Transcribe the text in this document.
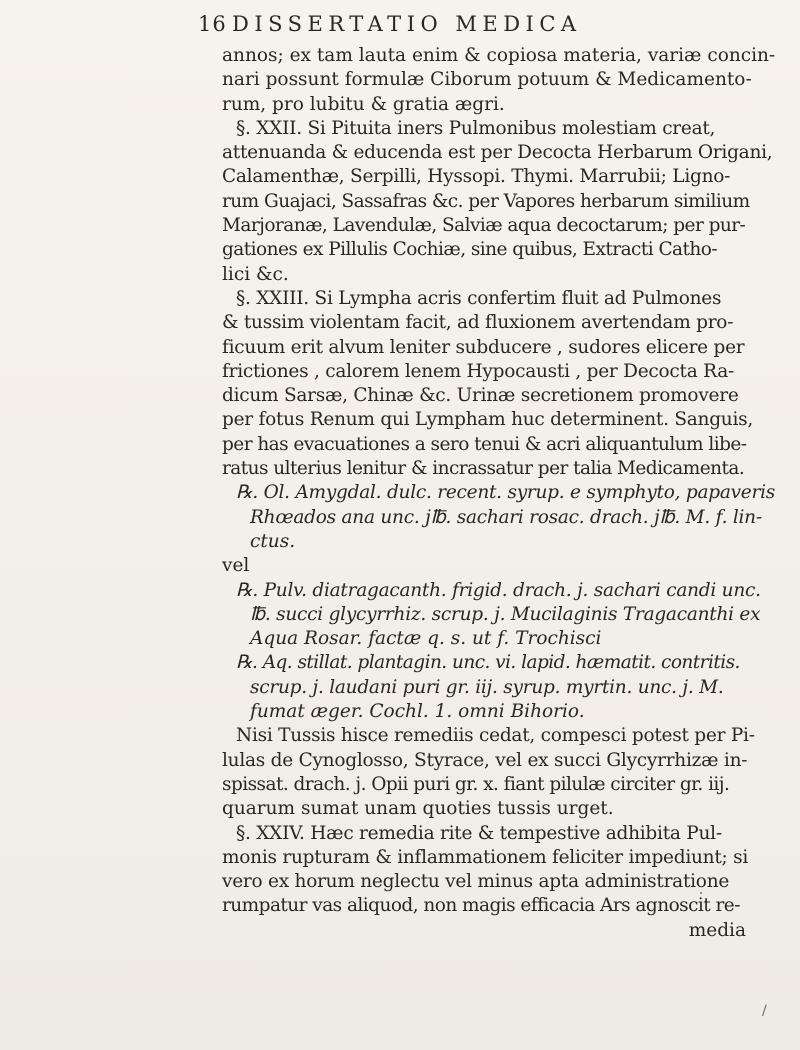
16 DISSERTATIO MEDICA
annos; ex tam lauta enim & copiosa materia, variæ concin-
nari possunt formulæ Ciborum potuum & Medicamento-
rum, pro lubitu & gratia ægri.
§. XXII. Si Pituita iners Pulmonibus molestiam creat,
attenuanda & educenda est per Decocta Herbarum Origani,
Calamenthæ, Serpilli, Hyssopi. Thymi. Marrubii; Ligno-
rum Guajaci, Sassafras &c. per Vapores herbarum similium
Marjoranæ, Lavendulæ, Salviæ aqua decoctarum; per pur-
gationes ex Pillulis Cochiæ, sine quibus, Extracti Catho-
lici &c.
§. XXIII. Si Lympha acris confertim fluit ad Pulmones
& tussim violentam facit, ad fluxionem avertendam pro-
ficuum erit alvum leniter subducere , sudores elicere per
frictiones , calorem lenem Hypocausti , per Decocta Ra-
dicum Sarsæ, Chinæ &c. Urinæ secretionem promovere
per fotus Renum qui Lympham huc determinent. Sanguis,
per has evacuationes a sero tenui & acri aliquantulum libe-
ratus ulterius lenitur & incrassatur per talia Medicamenta.
℞. Ol. Amygdal. dulc. recent. syrup. e symphyto, papaveris
Rhœados ana unc. j℔. sachari rosac. drach. j℔. M. f. lin-
ctus.
vel
℞. Pulv. diatragacanth. frigid. drach. j. sachari candi unc.
℔. succi glycyrrhiz. scrup. j. Mucilaginis Tragacanthi ex
Aqua Rosar. factæ q. s. ut f. Trochisci
℞. Aq. stillat. plantagin. unc. vi. lapid. hæmatit. contritis.
scrup. j. laudani puri gr. iij. syrup. myrtin. unc. j. M.
fumat æger. Cochl. 1. omni Bihorio.
Nisi Tussis hisce remediis cedat, compesci potest per Pi-
lulas de Cynoglosso, Styrace, vel ex succi Glycyrrhizæ in-
spissat. drach. j. Opii puri gr. x. fiant pilulæ circiter gr. iij.
quarum sumat unam quoties tussis urget.
§. XXIV. Hæc remedia rite & tempestive adhibita Pul-
monis rupturam & inflammationem feliciter impediunt; si
vero ex horum neglectu vel minus apta administratione
rumpatur vas aliquod, non magis efficacia Ars agnoscit re-
media
/
